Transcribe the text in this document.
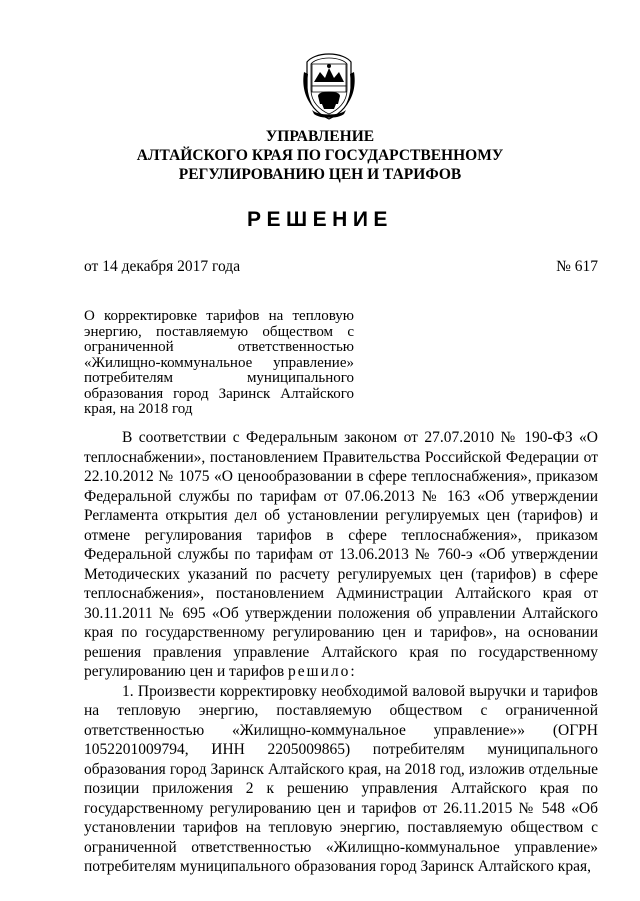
УПРАВЛЕНИЕ
АЛТАЙСКОГО КРАЯ ПО ГОСУДАРСТВЕННОМУ
РЕГУЛИРОВАНИЮ ЦЕН И ТАРИФОВ
РЕШЕНИЕ
от 14 декабря 2017 года	№ 617
О корректировке тарифов на тепловую энергию, поставляемую обществом с ограниченной ответственностью «Жилищно-коммунальное управление» потребителям муниципального образования город Заринск Алтайского края, на 2018 год

В соответствии с Федеральным законом от 27.07.2010 № 190-ФЗ «О теплоснабжении», постановлением Правительства Российской Федерации от 22.10.2012 № 1075 «О ценообразовании в сфере теплоснабжения», приказом Федеральной службы по тарифам от 07.06.2013 № 163 «Об утверждении Регламента открытия дел об установлении регулируемых цен (тарифов) и отмене регулирования тарифов в сфере теплоснабжения», приказом Федеральной службы по тарифам от 13.06.2013 № 760-э «Об утверждении Методических указаний по расчету регулируемых цен (тарифов) в сфере теплоснабжения», постановлением Администрации Алтайского края от 30.11.2011 № 695 «Об утверждении положения об управлении Алтайского края по государственному регулированию цен и тарифов», на основании решения правления управление Алтайского края по государственному регулированию цен и тарифов решило:

1. Произвести корректировку необходимой валовой выручки и тарифов на тепловую энергию, поставляемую обществом с ограниченной ответственностью «Жилищно-коммунальное управление»» (ОГРН 1052201009794, ИНН 2205009865) потребителям муниципального образования город Заринск Алтайского края, на 2018 год, изложив отдельные позиции приложения 2 к решению управления Алтайского края по государственному регулированию цен и тарифов от 26.11.2015 № 548 «Об установлении тарифов на тепловую энергию, поставляемую обществом с ограниченной ответственностью «Жилищно-коммунальное управление» потребителям муниципального образования город Заринск Алтайского края,
